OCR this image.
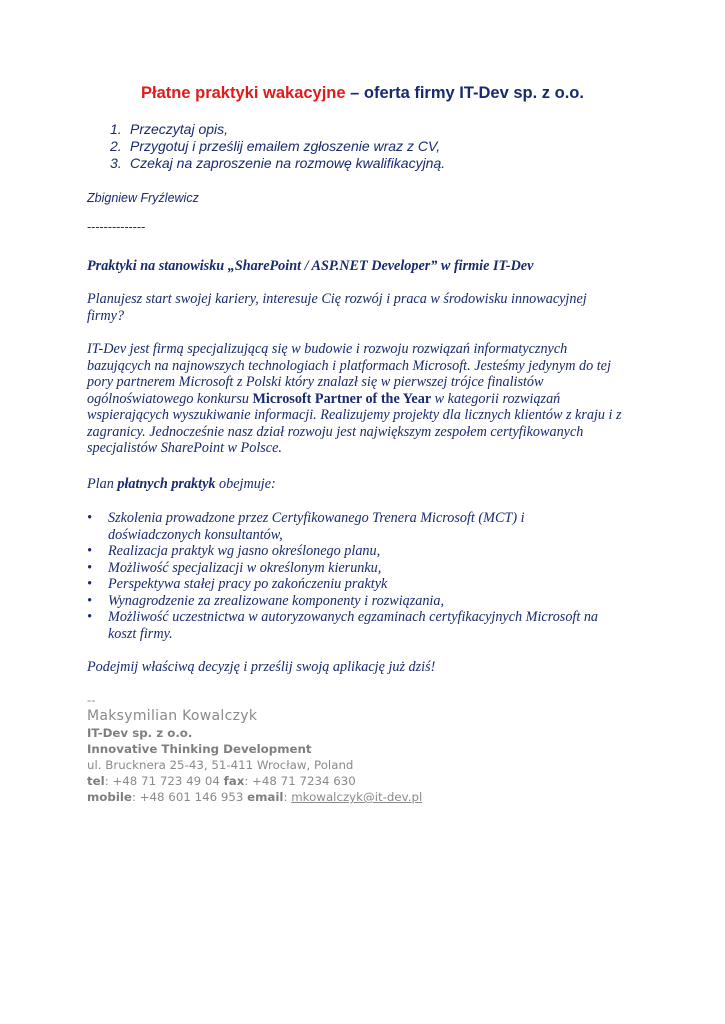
Płatne praktyki wakacyjne – oferta firmy IT-Dev sp. z o.o.
1. Przeczytaj opis,
2. Przygotuj i prześlij emailem zgłoszenie wraz z CV,
3. Czekaj na zaproszenie na rozmowę kwalifikacyjną.
Zbigniew Fryźlewicz
--------------
Praktyki na stanowisku „SharePoint / ASP.NET Developer” w firmie IT-Dev
Planujesz start swojej kariery, interesuje Cię rozwój i praca w środowisku innowacyjnej
firmy?
IT-Dev jest firmą specjalizującą się w budowie i rozwoju rozwiązań informatycznych
bazujących na najnowszych technologiach i platformach Microsoft. Jesteśmy jedynym do tej
pory partnerem Microsoft z Polski który znalazł się w pierwszej trójce finalistów
ogólnoświatowego konkursu Microsoft Partner of the Year w kategorii rozwiązań
wspierających wyszukiwanie informacji. Realizujemy projekty dla licznych klientów z kraju i z
zagranicy. Jednocześnie nasz dział rozwoju jest największym zespołem certyfikowanych
specjalistów SharePoint w Polsce.
Plan płatnych praktyk obejmuje:
• Szkolenia prowadzone przez Certyfikowanego Trenera Microsoft (MCT) i
doświadczonych konsultantów,
• Realizacja praktyk wg jasno określonego planu,
• Możliwość specjalizacji w określonym kierunku,
• Perspektywa stałej pracy po zakończeniu praktyk
• Wynagrodzenie za zrealizowane komponenty i rozwiązania,
• Możliwość uczestnictwa w autoryzowanych egzaminach certyfikacyjnych Microsoft na
koszt firmy.
Podejmij właściwą decyzję i prześlij swoją aplikację już dziś!
--
Maksymilian Kowalczyk
IT-Dev sp. z o.o.
Innovative Thinking Development
ul. Brucknera 25-43, 51-411 Wrocław, Poland
tel: +48 71 723 49 04 fax: +48 71 7234 630
mobile: +48 601 146 953 email: mkowalczyk@it-dev.pl
